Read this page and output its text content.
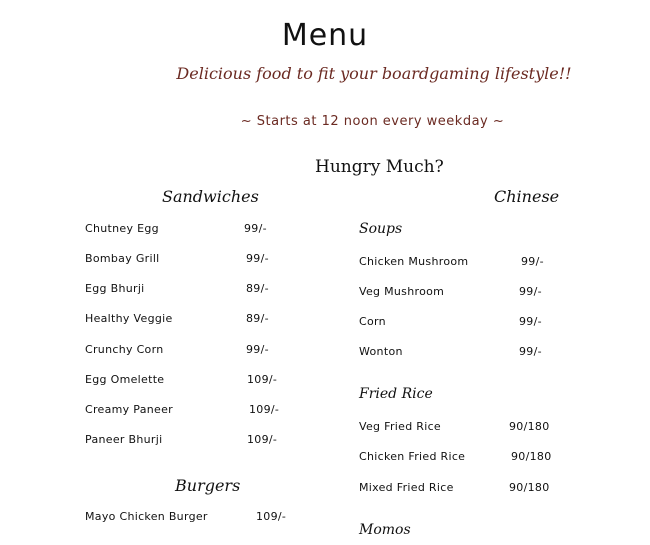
Menu
Delicious food to fit your boardgaming lifestyle!!
~ Starts at 12 noon every weekday ~
Hungry Much?
Sandwiches
Chutney Egg	99/-
Bombay Grill	99/-
Egg Bhurji	89/-
Healthy Veggie	89/-
Crunchy Corn	99/-
Egg Omelette	109/-
Creamy Paneer	109/-
Paneer Bhurji	109/-
Burgers
Mayo Chicken Burger	109/-
Chinese
Soups
Chicken Mushroom	99/-
Veg Mushroom	99/-
Corn	99/-
Wonton	99/-
Fried Rice
Veg Fried Rice	90/180
Chicken Fried Rice	90/180
Mixed Fried Rice	90/180
Momos
